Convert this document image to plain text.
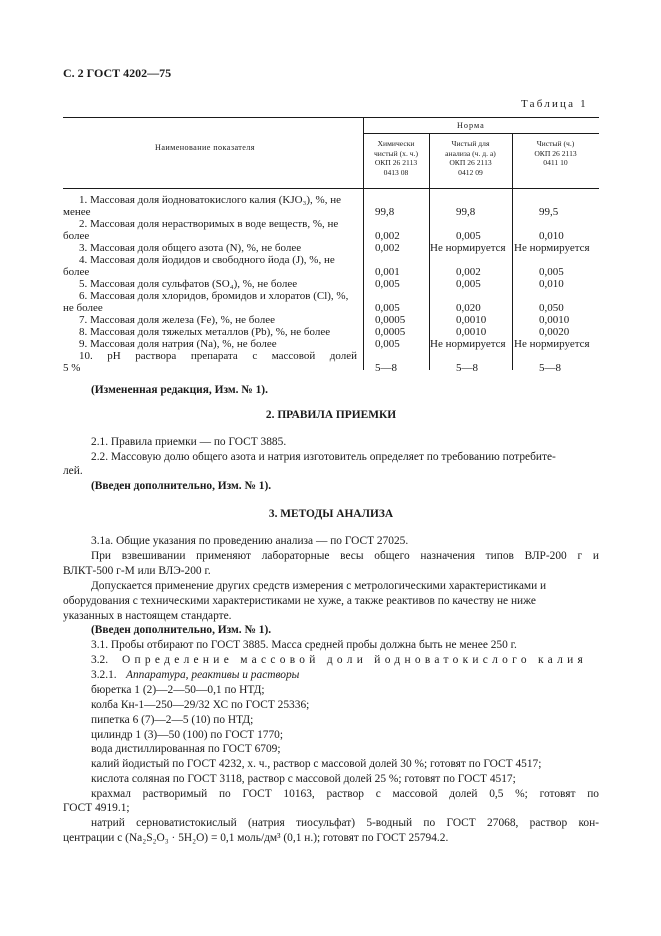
С. 2 ГОСТ 4202—75
Таблица 1
Наименование показателя
Норма
Химически
чистый (х. ч.)
ОКП 26 2113
0413 08
Чистый для
анализа (ч. д. а)
ОКП 26 2113
0412 09
Чистый (ч.)
ОКП 26 2113
0411 10
1. Массовая доля йодноватокислого калия (KJO₃), %, не
менее	99,8	99,8	99,5
2. Массовая доля нерастворимых в воде веществ, %, не
более	0,002	0,005	0,010
3. Массовая доля общего азота (N), %, не более	0,002	Не нормируется Не нормируется
4. Массовая доля йодидов и свободного йода (J), %, не
более	0,001	0,002	0,005
5. Массовая доля сульфатов (SO₄), %, не более	0,005	0,005	0,010
6. Массовая доля хлоридов, бромидов и хлоратов (Cl), %,
не более	0,005	0,020	0,050
7. Массовая доля железа (Fe), %, не более	0,0005	0,0010	0,0010
8. Массовая доля тяжелых металлов (Pb), %, не более	0,0005	0,0010	0,0020
9. Массовая доля натрия (Na), %, не более	0,005	Не нормируется Не нормируется
10. pH раствора препарата с массовой долей
5 %	5—8	5—8	5—8
(Измененная редакция, Изм. № 1).
2. ПРАВИЛА ПРИЕМКИ
2.1. Правила приемки — по ГОСТ 3885.
2.2. Массовую долю общего азота и натрия изготовитель определяет по требованию потребите-
лей.
(Введен дополнительно, Изм. № 1).
3. МЕТОДЫ АНАЛИЗА
3.1а. Общие указания по проведению анализа — по ГОСТ 27025.
При взвешивании применяют лабораторные весы общего назначения типов ВЛР-200 г и
ВЛКТ-500 г-М или ВЛЭ-200 г.
Допускается применение других средств измерения с метрологическими характеристиками и
оборудования с техническими характеристиками не хуже, а также реактивов по качеству не ниже
указанных в настоящем стандарте.
(Введен дополнительно, Изм. № 1).
3.1. Пробы отбирают по ГОСТ 3885. Масса средней пробы должна быть не менее 250 г.
3.2. Определение массовой доли йодноватокислого калия
3.2.1. Аппаратура, реактивы и растворы
бюретка 1 (2)—2—50—0,1 по НТД;
колба Кн-1—250—29/32 ХС по ГОСТ 25336;
пипетка 6 (7)—2—5 (10) по НТД;
цилиндр 1 (3)—50 (100) по ГОСТ 1770;
вода дистиллированная по ГОСТ 6709;
калий йодистый по ГОСТ 4232, х. ч., раствор с массовой долей 30 %; готовят по ГОСТ 4517;
кислота соляная по ГОСТ 3118, раствор с массовой долей 25 %; готовят по ГОСТ 4517;
крахмал растворимый по ГОСТ 10163, раствор с массовой долей 0,5 %; готовят по
ГОСТ 4919.1;
натрий серноватистокислый (натрия тиосульфат) 5-водный по ГОСТ 27068, раствор кон-
центрации c (Na₂S₂O₃ · 5H₂O) = 0,1 моль/дм³ (0,1 н.); готовят по ГОСТ 25794.2.
